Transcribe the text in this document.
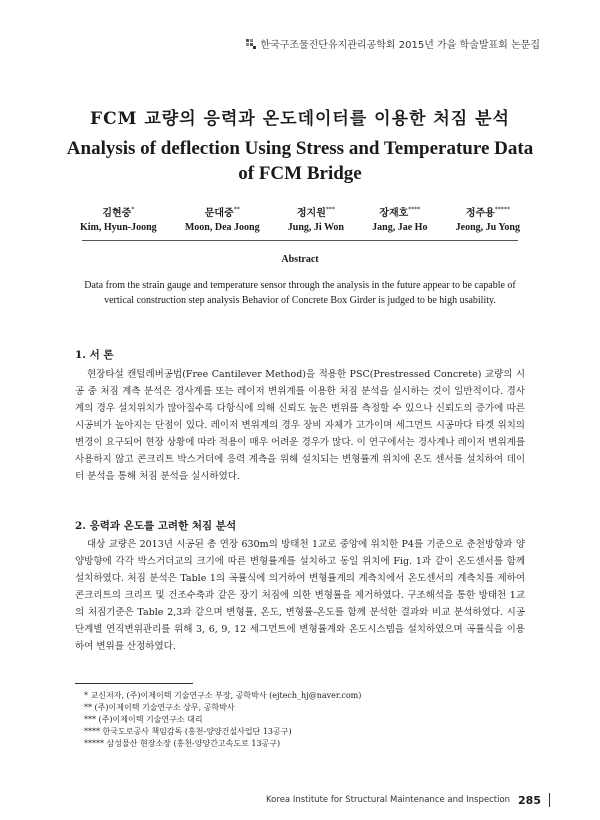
한국구조물진단유지관리공학회 2015년 가을 학술발표회 논문집
FCM 교량의 응력과 온도데이터를 이용한 처짐 분석
Analysis of deflection Using Stress and Temperature Data of FCM Bridge
김현중*
Kim, Hyun-Joong
문대중**
Moon, Dea Joong
정지원***
Jung, Ji Won
장재호****
Jang, Jae Ho
정주용*****
Jeong, Ju Yong
Abstract
Data from the strain gauge and temperature sensor through the analysis in the future appear to be capable of vertical construction step analysis Behavior of Concrete Box Girder is judged to be high usability.
1. 서 론

현장타설 캔틸레버공법(Free Cantilever Method)을 적용한 PSC(Prestressed Concrete) 교량의 시공 중 처짐 계측 분석은 경사계를 또는 레이저 변위계를 이용한 처짐 분석을 실시하는 것이 일반적이다. 경사계의 경우 설치위치가 많아질수록 다항식에 의해 신뢰도 높은 변위를 측정할 수 있으나 신뢰도의 증가에 따른 시공비가 높아지는 단점이 있다. 레이저 변위계의 경우 장비 자체가 고가이며 세그먼트 시공마다 타겟 위치의 변경이 요구되어 현장 상황에 따라 적용이 매우 어려운 경우가 많다. 이 연구에서는 경사계나 레이저 변위계를 사용하지 않고 콘크리트 박스거더에 응력 계측을 위해 설치되는 변형률계 위치에 온도 센서를 설치하여 데이터 분석을 통해 처짐 분석을 실시하였다.

2. 응력과 온도를 고려한 처짐 분석

대상 교량은 2013년 시공된 총 연장 630m의 방태천 1교로 중앙에 위치한 P4를 기준으로 춘천방향과 양양방향에 각각 박스거더교의 크기에 따른 변형률계를 설치하고 동일 위치에 Fig. 1과 같이 온도센서를 함께 설치하였다. 처짐 분석은 Table 1의 곡률식에 의거하여 변형률계의 계측치에서 온도센서의 계측치를 제하여 콘크리트의 크리프 및 건조수축과 같은 장기 처짐에 의한 변형률을 제거하였다. 구조해석을 통한 방태천 1교의 처짐기준은 Table 2,3과 같으며 변형률, 온도, 변형률-온도를 함께 분석한 결과와 비교 분석하였다. 시공단계별 연직변위관리를 위해 3, 6, 9, 12 세그먼트에 변형률계와 온도시스템을 설치하였으며 곡률식을 이용하여 변위를 산정하였다.

* 교신저자, (주)이제이텍 기술연구소 부장, 공학박사 (ejtech_hj@naver.com)
** (주)이제이텍 기술연구소 상무, 공학박사
*** (주)이제이텍 기술연구소 대리
**** 한국도로공사 책임감독 (홍천-양양건설사업단 13공구)
***** 삼성물산 현장소장 (홍천-양양간고속도로 13공구)
Korea Institute for Structural Maintenance and Inspection 285
